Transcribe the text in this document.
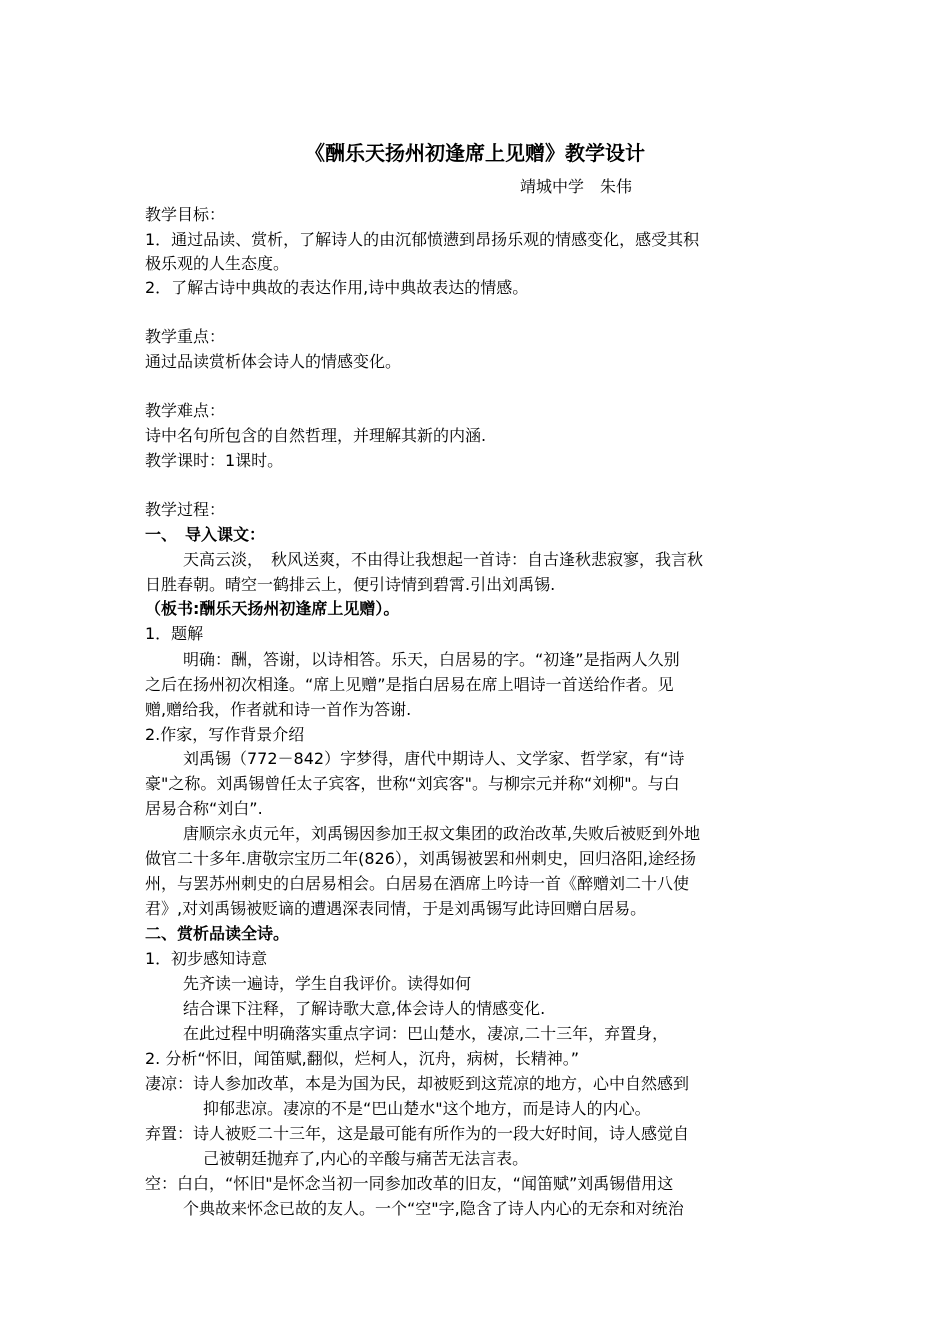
《酬乐天扬州初逢席上见赠》教学设计
靖城中学　朱伟
教学目标：
1．通过品读、赏析，了解诗人的由沉郁愤懑到昂扬乐观的情感变化，感受其积
极乐观的人生态度。
2．了解古诗中典故的表达作用,诗中典故表达的情感。
教学重点：
通过品读赏析体会诗人的情感变化。
教学难点：
诗中名句所包含的自然哲理，并理解其新的内涵.
教学课时：1课时。
教学过程：
一、　导入课文：
天高云淡，　秋风送爽，不由得让我想起一首诗：自古逢秋悲寂寥，我言秋
日胜春朝。晴空一鹤排云上，便引诗情到碧霄.引出刘禹锡.
（板书:酬乐天扬州初逢席上见赠）。
1．题解
明确：酬，答谢，以诗相答。乐天，白居易的字。“初逢”是指两人久别
之后在扬州初次相逢。“席上见赠”是指白居易在席上唱诗一首送给作者。见
赠,赠给我，作者就和诗一首作为答谢.
2.作家，写作背景介绍
刘禹锡（772－842）字梦得，唐代中期诗人、文学家、哲学家，有“诗
豪"之称。刘禹锡曾任太子宾客，世称“刘宾客"。与柳宗元并称“刘柳"。与白
居易合称“刘白”.
唐顺宗永贞元年，刘禹锡因参加王叔文集团的政治改革,失败后被贬到外地
做官二十多年.唐敬宗宝历二年(826），刘禹锡被罢和州刺史，回归洛阳,途经扬
州，与罢苏州刺史的白居易相会。白居易在酒席上吟诗一首《醉赠刘二十八使
君》,对刘禹锡被贬谪的遭遇深表同情，于是刘禹锡写此诗回赠白居易。
二、赏析品读全诗。
1．初步感知诗意
先齐读一遍诗，学生自我评价。读得如何
结合课下注释，了解诗歌大意,体会诗人的情感变化.
在此过程中明确落实重点字词：巴山楚水，凄凉,二十三年，弃置身，
2. 分析“怀旧，闻笛赋,翻似，烂柯人，沉舟，病树，长精神。”
凄凉：诗人参加改革，本是为国为民，却被贬到这荒凉的地方，心中自然感到
抑郁悲凉。凄凉的不是“巴山楚水"这个地方，而是诗人的内心。
弃置：诗人被贬二十三年，这是最可能有所作为的一段大好时间，诗人感觉自
己被朝廷抛弃了,内心的辛酸与痛苦无法言表。
空：白白，“怀旧"是怀念当初一同参加改革的旧友，“闻笛赋”刘禹锡借用这
个典故来怀念已故的友人。一个“空"字,隐含了诗人内心的无奈和对统治
